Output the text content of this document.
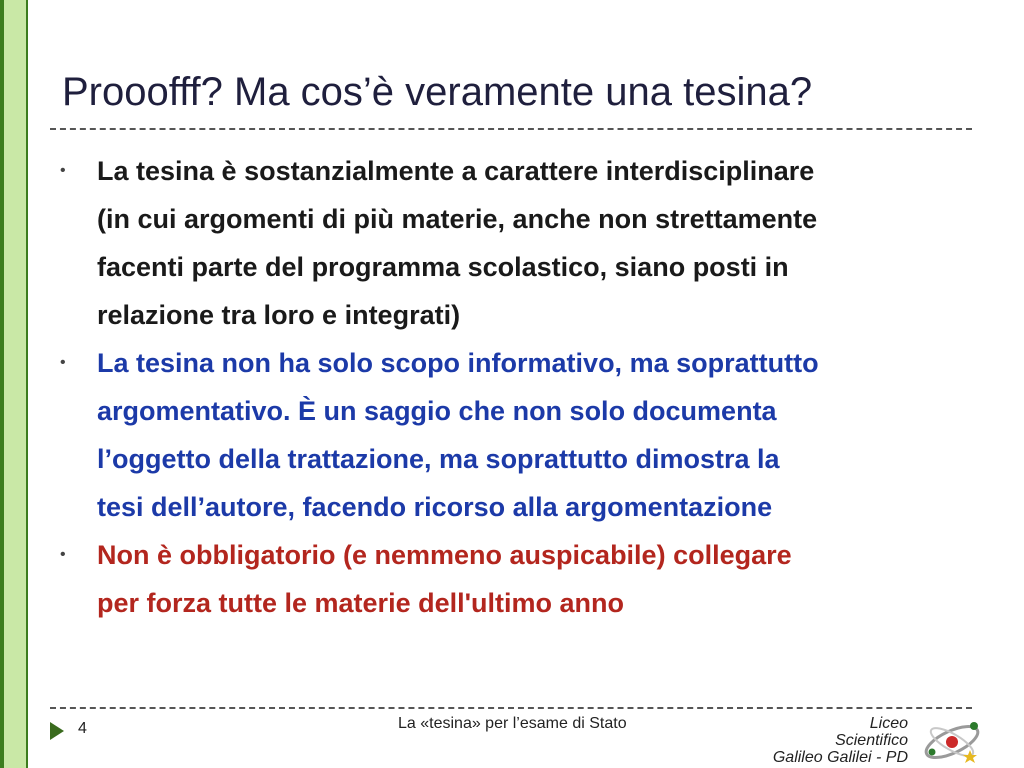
Prooofff? Ma cos’è veramente una tesina?
• La tesina è sostanzialmente a carattere interdisciplinare
(in cui argomenti di più materie, anche non strettamente
facenti parte del programma scolastico, siano posti in
relazione tra loro e integrati)
• La tesina non ha solo scopo informativo, ma soprattutto
argomentativo. È un saggio che non solo documenta
l’oggetto della trattazione, ma soprattutto dimostra la
tesi dell’autore, facendo ricorso alla argomentazione
• Non è obbligatorio (e nemmeno auspicabile) collegare
per forza tutte le materie dell'ultimo anno
4	La «tesina» per l’esame di Stato	Liceo
Scientifico
Galileo Galilei - PD
